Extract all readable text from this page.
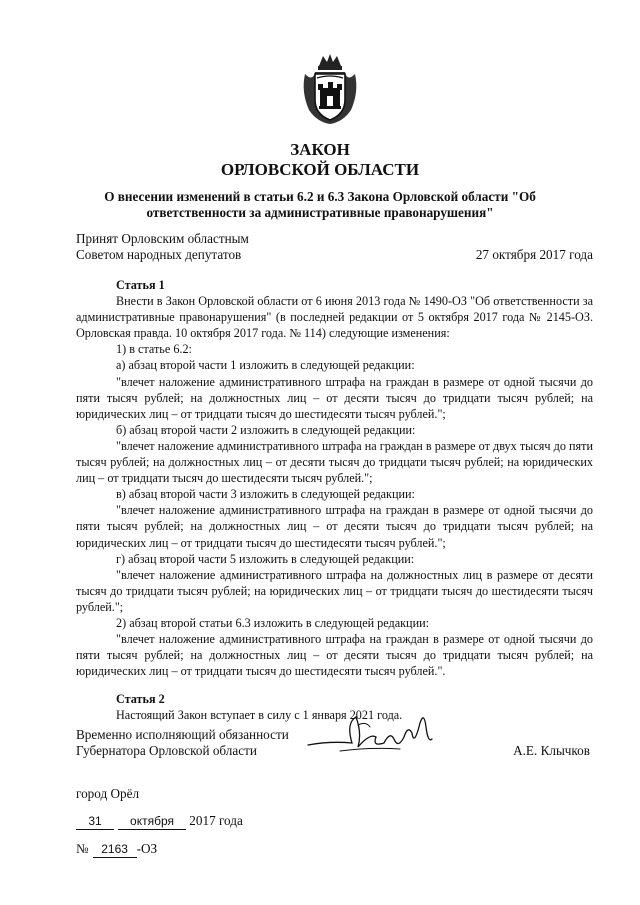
ЗАКОН
ОРЛОВСКОЙ ОБЛАСТИ
О внесении изменений в статьи 6.2 и 6.3 Закона Орловской области "Об ответственности за административные правонарушения"
Принят Орловским областным
Советом народных депутатов	27 октября 2017 года

Статья 1

Внести в Закон Орловской области от 6 июня 2013 года № 1490-ОЗ "Об ответственности за административные правонарушения" (в последней редакции от 5 октября 2017 года № 2145-ОЗ. Орловская правда. 10 октября 2017 года. № 114) следующие изменения:

1) в статье 6.2:

а) абзац второй части 1 изложить в следующей редакции:

"влечет наложение административного штрафа на граждан в размере от одной тысячи до пяти тысяч рублей; на должностных лиц – от десяти тысяч до тридцати тысяч рублей; на юридических лиц – от тридцати тысяч до шестидесяти тысяч рублей.";

б) абзац второй части 2 изложить в следующей редакции:

"влечет наложение административного штрафа на граждан в размере от двух тысяч до пяти тысяч рублей; на должностных лиц – от десяти тысяч до тридцати тысяч рублей; на юридических лиц – от тридцати тысяч до шестидесяти тысяч рублей.";

в) абзац второй части 3 изложить в следующей редакции:

"влечет наложение административного штрафа на граждан в размере от одной тысячи до пяти тысяч рублей; на должностных лиц – от десяти тысяч до тридцати тысяч рублей; на юридических лиц – от тридцати тысяч до шестидесяти тысяч рублей.";

г) абзац второй части 5 изложить в следующей редакции:

"влечет наложение административного штрафа на должностных лиц в размере от десяти тысяч до тридцати тысяч рублей; на юридических лиц – от тридцати тысяч до шестидесяти тысяч рублей.";

2) абзац второй статьи 6.3 изложить в следующей редакции:

"влечет наложение административного штрафа на граждан в размере от одной тысячи до пяти тысяч рублей; на должностных лиц – от десяти тысяч до тридцати тысяч рублей; на юридических лиц – от тридцати тысяч до шестидесяти тысяч рублей.".

Статья 2

Настоящий Закон вступает в силу с 1 января 2021 года.

Временно исполняющий обязанности
Губернатора Орловской области	А.Е. Клычков
город Орёл
31 октября 2017 года
№ 2163 -ОЗ
